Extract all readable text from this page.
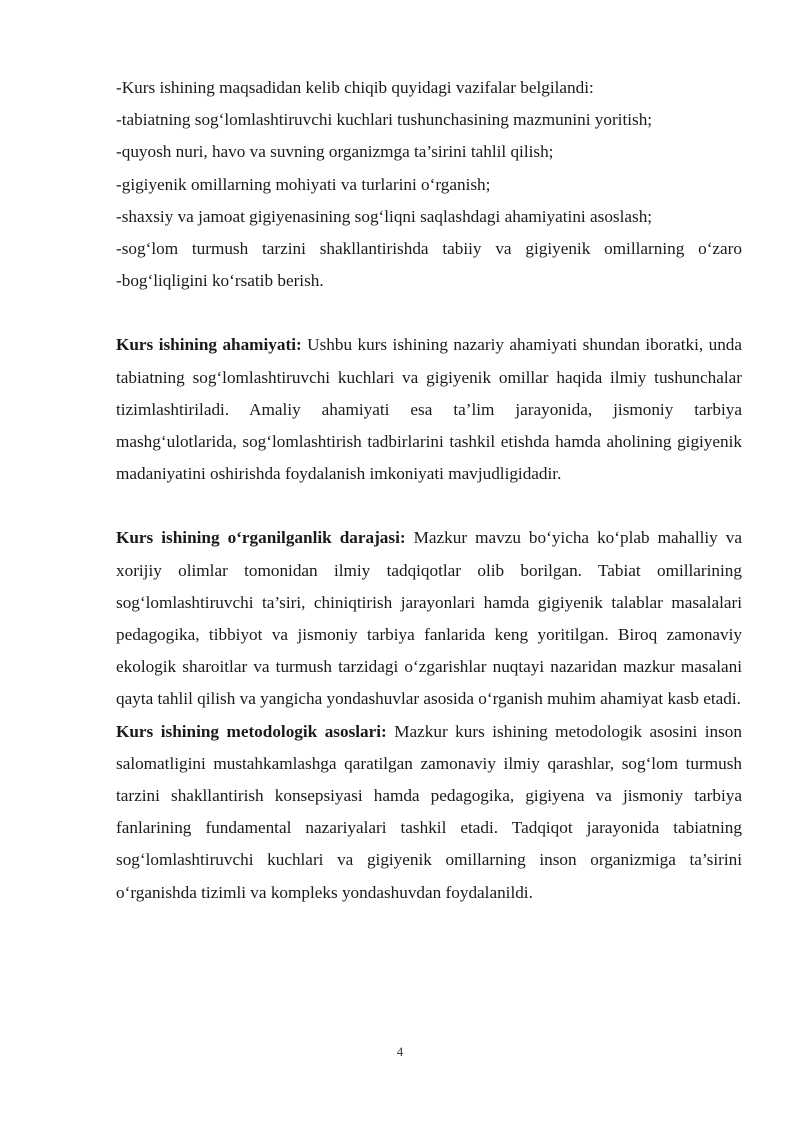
-Kurs ishining maqsadidan kelib chiqib quyidagi vazifalar belgilandi:

-tabiatning sog‘lomlashtiruvchi kuchlari tushunchasining mazmunini yoritish;

-quyosh nuri, havo va suvning organizmga ta’sirini tahlil qilish;

-gigiyenik omillarning mohiyati va turlarini o‘rganish;

-shaxsiy va jamoat gigiyenasining sog‘liqni saqlashdagi ahamiyatini asoslash;

-sog‘lom turmush tarzini shakllantirishda tabiiy va gigiyenik omillarning o‘zaro

-bog‘liqligini ko‘rsatib berish.

Kurs ishining ahamiyati: Ushbu kurs ishining nazariy ahamiyati shundan iboratki, unda tabiatning sog‘lomlashtiruvchi kuchlari va gigiyenik omillar haqida ilmiy tushunchalar tizimlashtiriladi. Amaliy ahamiyati esa ta’lim jarayonida, jismoniy tarbiya mashg‘ulotlarida, sog‘lomlashtirish tadbirlarini tashkil etishda hamda aholining gigiyenik madaniyatini oshirishda foydalanish imkoniyati mavjudligidadir.

Kurs ishining o‘rganilganlik darajasi: Mazkur mavzu bo‘yicha ko‘plab mahalliy va xorijiy olimlar tomonidan ilmiy tadqiqotlar olib borilgan. Tabiat omillarining sog‘lomlashtiruvchi ta’siri, chiniqtirish jarayonlari hamda gigiyenik talablar masalalari pedagogika, tibbiyot va jismoniy tarbiya fanlarida keng yoritilgan. Biroq zamonaviy ekologik sharoitlar va turmush tarzidagi o‘zgarishlar nuqtayi nazaridan mazkur masalani qayta tahlil qilish va yangicha yondashuvlar asosida o‘rganish muhim ahamiyat kasb etadi.

Kurs ishining metodologik asoslari: Mazkur kurs ishining metodologik asosini inson salomatligini mustahkamlashga qaratilgan zamonaviy ilmiy qarashlar, sog‘lom turmush tarzini shakllantirish konsepsiyasi hamda pedagogika, gigiyena va jismoniy tarbiya fanlarining fundamental nazariyalari tashkil etadi. Tadqiqot jarayonida tabiatning sog‘lomlashtiruvchi kuchlari va gigiyenik omillarning inson organizmiga ta’sirini o‘rganishda tizimli va kompleks yondashuvdan foydalanildi.

4
